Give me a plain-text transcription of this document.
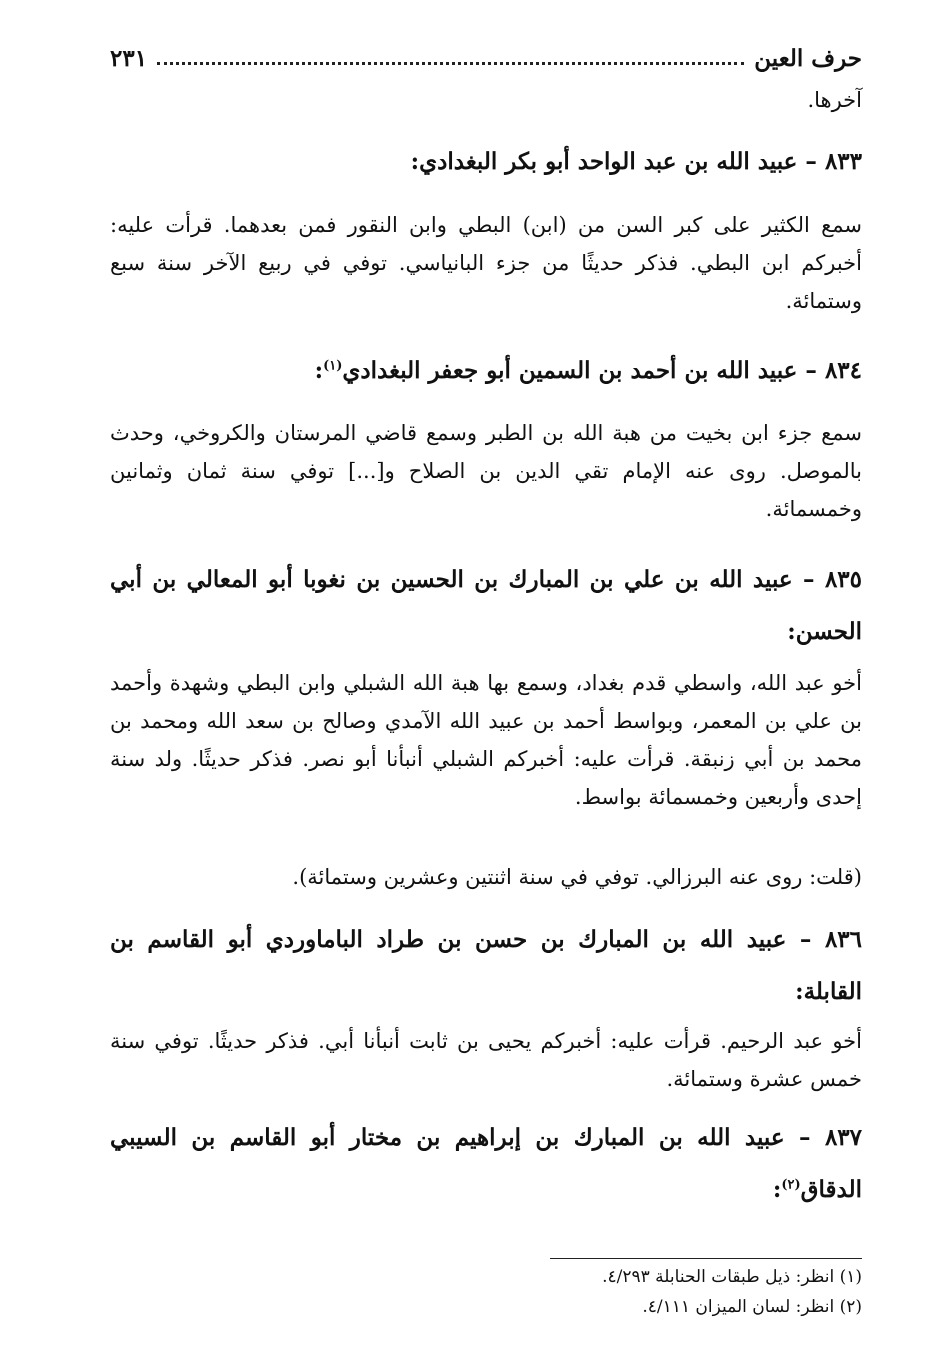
حرف العين
٢٣١

آخرها.

٨٣٣ – عبيد الله بن عبد الواحد أبو بكر البغدادي:

سمع الكثير على كبر السن من (ابن) البطي وابن النقور فمن بعدهما. قرأت عليه: أخبركم ابن البطي. فذكر حديثًا من جزء البانياسي. توفي في ربيع الآخر سنة سبع وستمائة.

٨٣٤ – عبيد الله بن أحمد بن السمين أبو جعفر البغدادي$^{(١)}$:

سمع جزء ابن بخيت من هبة الله بن الطبر وسمع قاضي المرستان والكروخي، وحدث بالموصل. روى عنه الإمام تقي الدين بن الصلاح و[...] توفي سنة ثمان وثمانين وخمسمائة.

٨٣٥ – عبيد الله بن علي بن المبارك بن الحسين بن نغوبا أبو المعالي بن أبي الحسن:

أخو عبد الله، واسطي قدم بغداد، وسمع بها هبة الله الشبلي وابن البطي وشهدة وأحمد بن علي بن المعمر، وبواسط أحمد بن عبيد الله الآمدي وصالح بن سعد الله ومحمد بن محمد بن أبي زنبقة. قرأت عليه: أخبركم الشبلي أنبأنا أبو نصر. فذكر حديثًا. ولد سنة إحدى وأربعين وخمسمائة بواسط.

(قلت: روى عنه البرزالي. توفي في سنة اثنتين وعشرين وستمائة).

٨٣٦ – عبيد الله بن المبارك بن حسن بن طراد الباماوردي أبو القاسم بن القابلة:

أخو عبد الرحيم. قرأت عليه: أخبركم يحيى بن ثابت أنبأنا أبي. فذكر حديثًا. توفي سنة خمس عشرة وستمائة.

٨٣٧ – عبيد الله بن المبارك بن إبراهيم بن مختار أبو القاسم بن السيبي الدقاق$^{(٢)}$:

(١) انظر: ذيل طبقات الحنابلة ٤/٢٩٣.

(٢) انظر: لسان الميزان ٤/١١١.
